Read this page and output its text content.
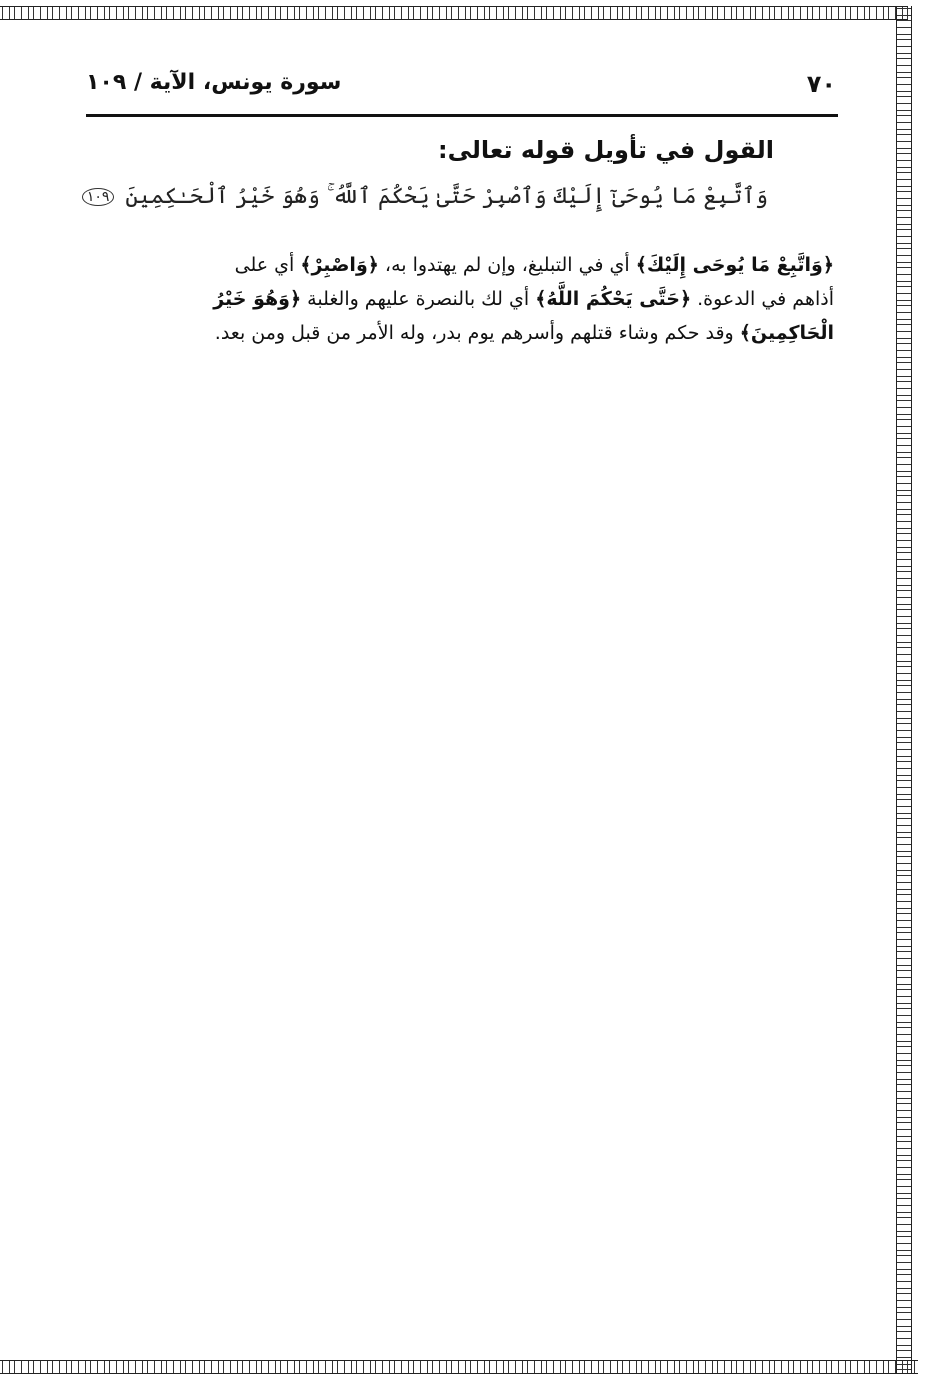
٧٠
سورة يونس، الآية / ١٠٩
القول في تأويل قوله تعالى:
وَٱتَّبِعْ مَا يُوحَىٰٓ إِلَيْكَ وَٱصْبِرْ حَتَّىٰ يَحْكُمَ ٱللَّهُ ۚ وَهُوَ خَيْرُ ٱلْحَـٰكِمِينَ ١٠٩
﴿وَاتَّبِعْ مَا يُوحَى إِلَيْكَ﴾ أي في التبليغ، وإن لم يهتدوا به، ﴿وَاصْبِرْ﴾ أي على
أذاهم في الدعوة. ﴿حَتَّى يَحْكُمَ اللَّهُ﴾ أي لك بالنصرة عليهم والغلبة ﴿وَهُوَ خَيْرُ
الْحَاكِمِينَ﴾ وقد حكم وشاء قتلهم وأسرهم يوم بدر، وله الأمر من قبل ومن بعد.
